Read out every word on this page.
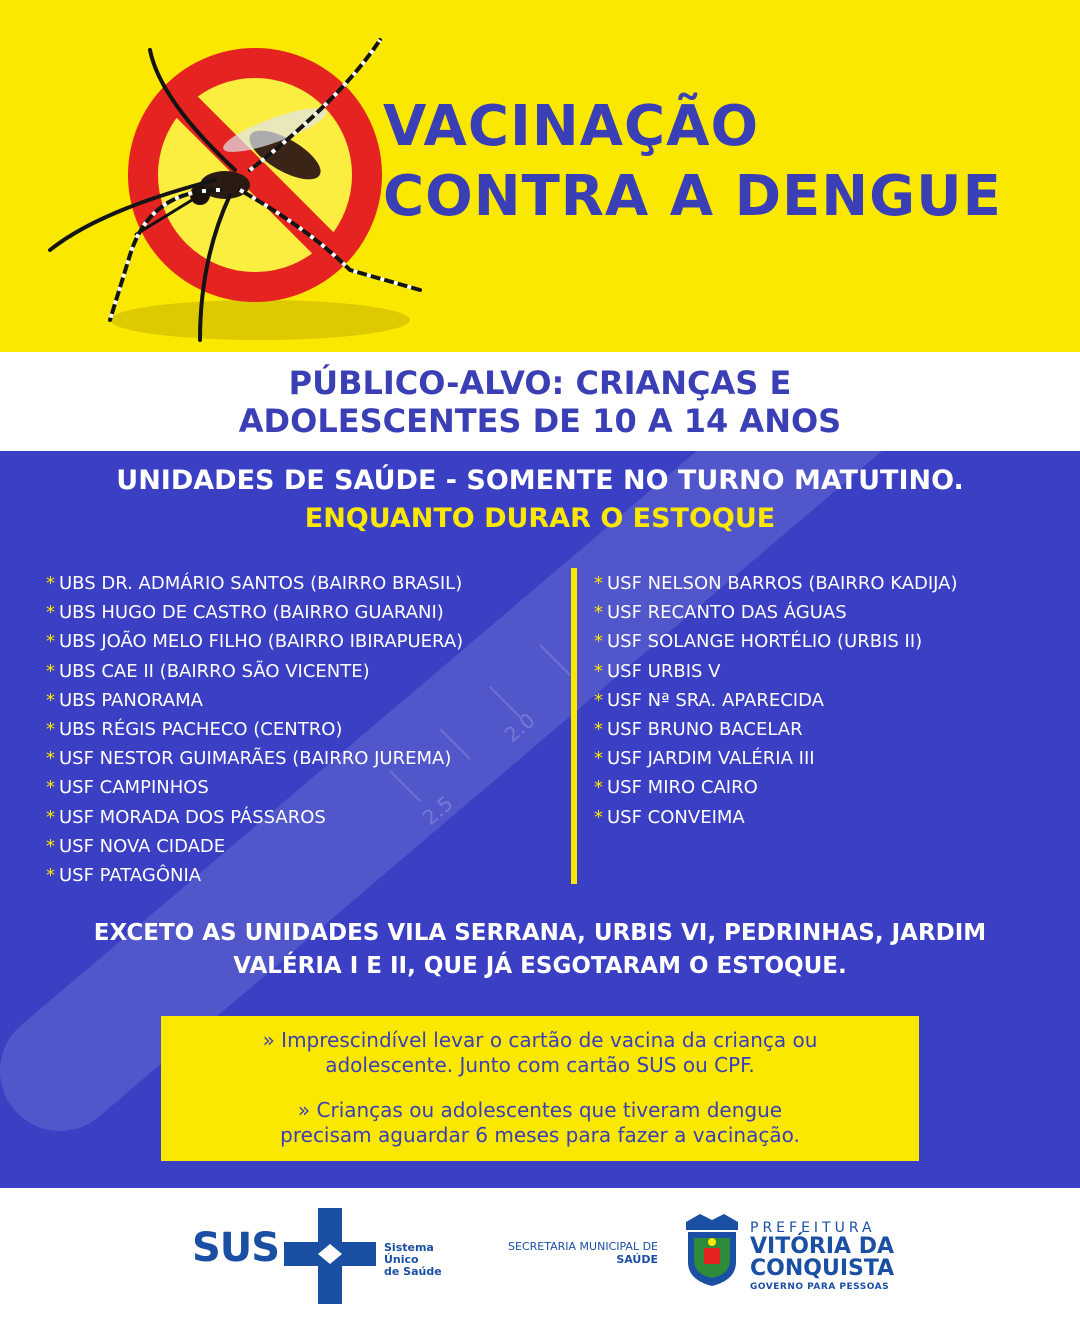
VACINAÇÃO
CONTRA A DENGUE
PÚBLICO-ALVO: CRIANÇAS E
ADOLESCENTES DE 10 A 14 ANOS
2.0
2.5
UNIDADES DE SAÚDE - SOMENTE NO TURNO MATUTINO.
ENQUANTO DURAR O ESTOQUE
* UBS DR. ADMÁRIO SANTOS (BAIRRO BRASIL)
* UBS HUGO DE CASTRO (BAIRRO GUARANI)
* UBS JOÃO MELO FILHO (BAIRRO IBIRAPUERA)
* UBS CAE II (BAIRRO SÃO VICENTE)
* UBS PANORAMA
* UBS RÉGIS PACHECO (CENTRO)
* USF NESTOR GUIMARÃES (BAIRRO JUREMA)
* USF CAMPINHOS
* USF MORADA DOS PÁSSAROS
* USF NOVA CIDADE
* USF PATAGÔNIA
* USF NELSON BARROS (BAIRRO KADIJA)
* USF RECANTO DAS ÁGUAS
* USF SOLANGE HORTÉLIO (URBIS II)
* USF URBIS V
* USF Nª SRA. APARECIDA
* USF BRUNO BACELAR
* USF JARDIM VALÉRIA III
* USF MIRO CAIRO
* USF CONVEIMA

EXCETO AS UNIDADES VILA SERRANA, URBIS VI, PEDRINHAS, JARDIM
VALÉRIA I E II, QUE JÁ ESGOTARAM O ESTOQUE.

» Imprescindível levar o cartão de vacina da criança ou
adolescente. Junto com cartão SUS ou CPF.

» Crianças ou adolescentes que tiveram dengue
precisam aguardar 6 meses para fazer a vacinação.

SUS	Sistema
Único
de Saúde
SECRETARIA MUNICIPAL DE
SAÚDE
PREFEITURA
VITÓRIA DA
CONQUISTA
GOVERNO PARA PESSOAS
